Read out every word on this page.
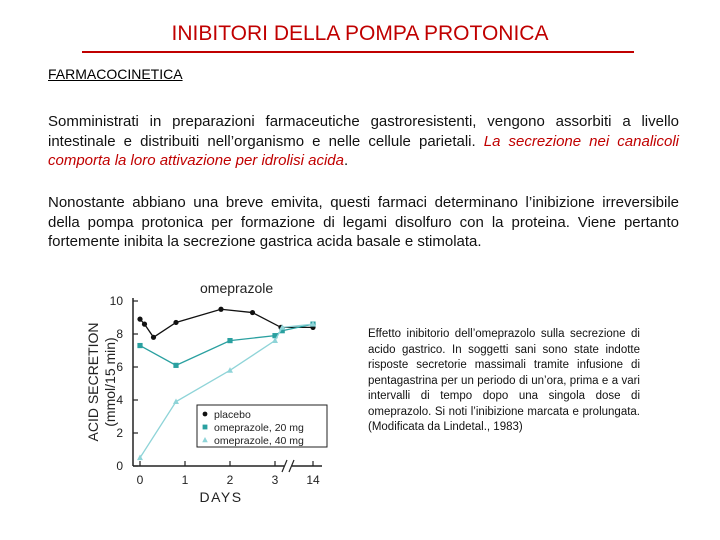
INIBITORI DELLA POMPA PROTONICA
FARMACOCINETICA
Somministrati in preparazioni farmaceutiche gastroresistenti, vengono assorbiti a livello intestinale e distribuiti nell’organismo e nelle cellule parietali. La secrezione nei canalicoli comporta la loro attivazione per idrolisi acida.
Nonostante abbiano una breve emivita, questi farmaci determinano l’inibizione irreversibile della pompa protonica per formazione di legami disolfuro con la proteina. Viene pertanto fortemente inibita la secrezione gastrica acida basale e stimolata.
0
2
4
6
8
10
0	1	2	3 14
DAYS
ACID SECRETION(mmol/15 min)
omeprazole
placebo
omeprazole, 20 mg
omeprazole, 40 mg
Effetto inibitorio dell’omeprazolo sulla secrezione di acido gastrico. In soggetti sani sono state indotte risposte secretorie massimali tramite infusione di pentagastrina per un periodo di un’ora, prima e a vari intervalli di tempo dopo una singola dose di omeprazolo. Si noti l’inibizione marcata e prolungata. (Modificata da Lindetal., 1983)
